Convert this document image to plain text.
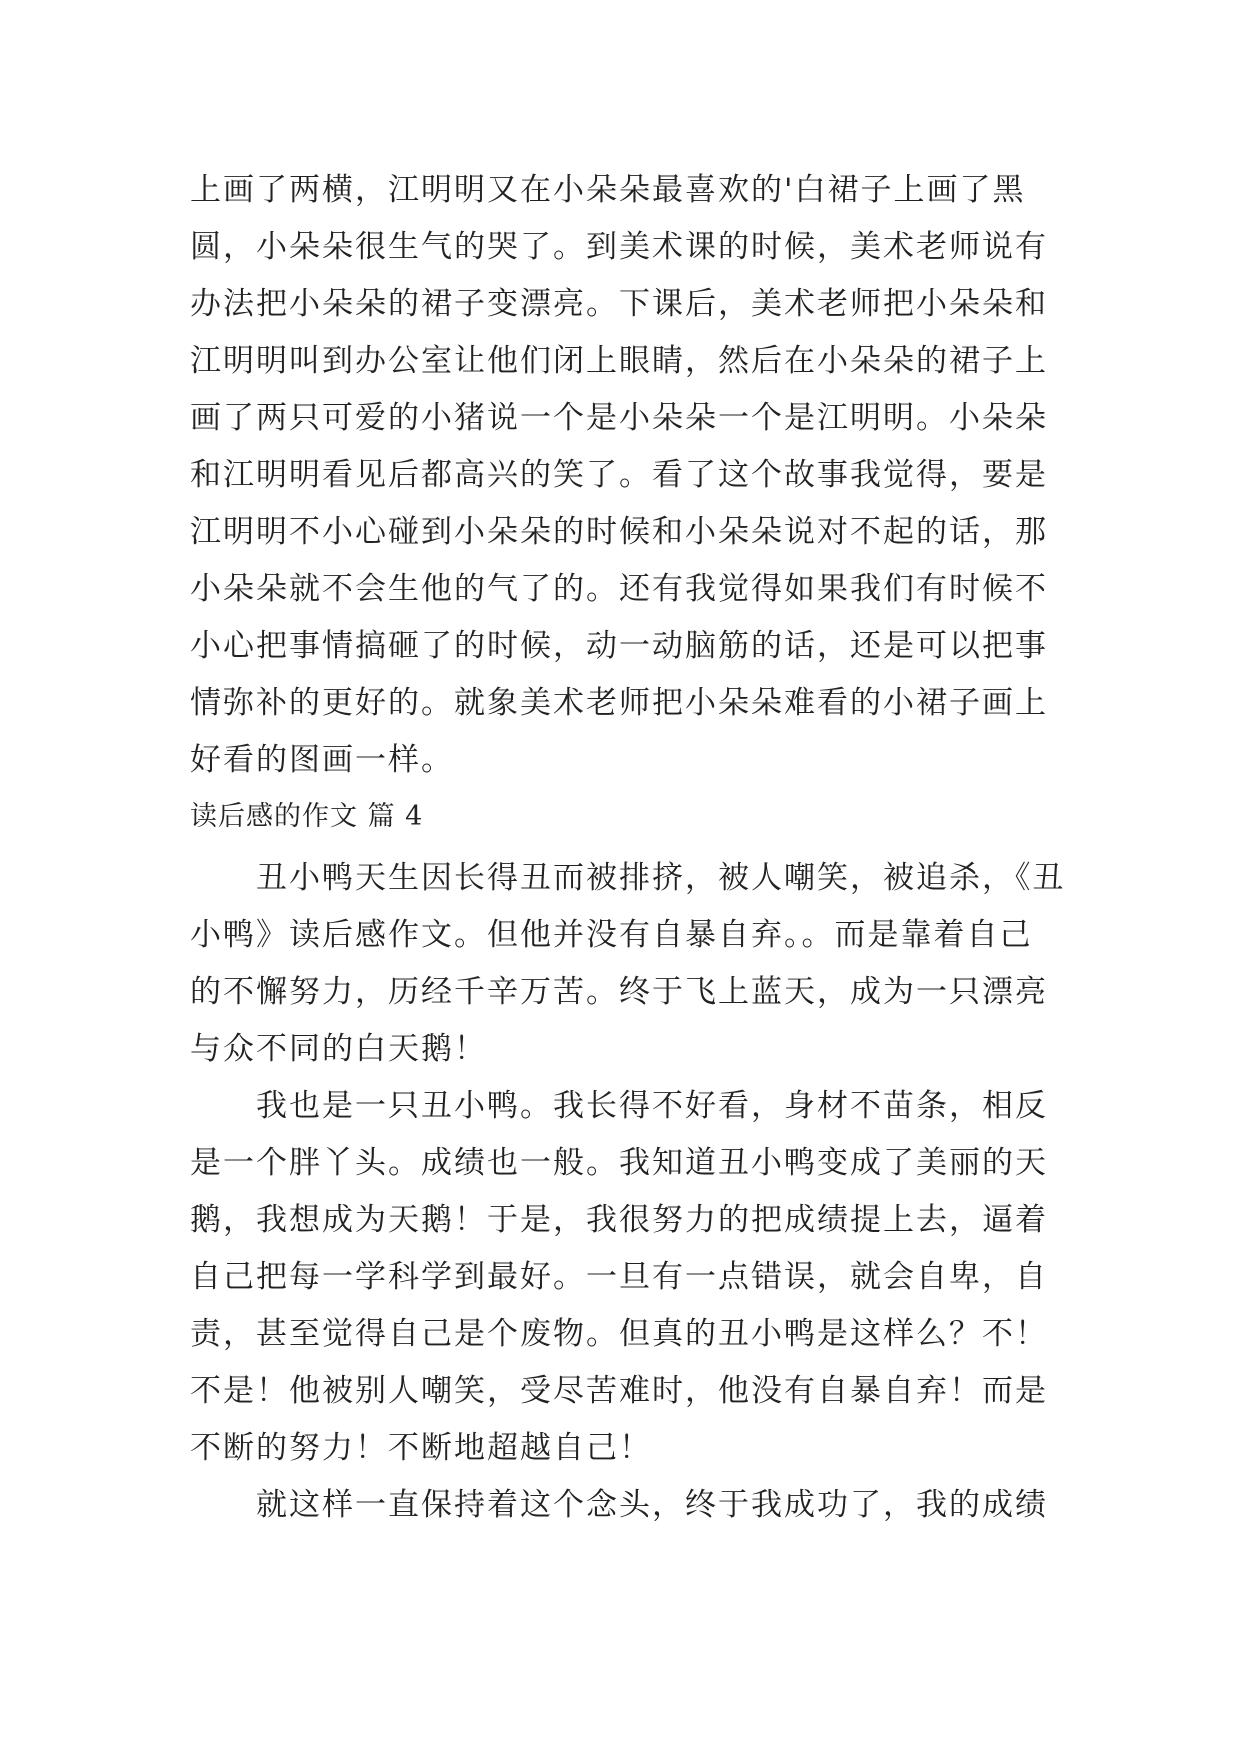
上画了两横，江明明又在小朵朵最喜欢的'白裙子上画了黑
圆，小朵朵很生气的哭了。到美术课的时候，美术老师说有
办法把小朵朵的裙子变漂亮。下课后，美术老师把小朵朵和
江明明叫到办公室让他们闭上眼睛，然后在小朵朵的裙子上
画了两只可爱的小猪说一个是小朵朵一个是江明明。小朵朵
和江明明看见后都高兴的笑了。看了这个故事我觉得，要是
江明明不小心碰到小朵朵的时候和小朵朵说对不起的话，那
小朵朵就不会生他的气了的。还有我觉得如果我们有时候不
小心把事情搞砸了的时候，动一动脑筋的话，还是可以把事
情弥补的更好的。就象美术老师把小朵朵难看的小裙子画上
好看的图画一样。
读后感的作文 篇 4
　　丑小鸭天生因长得丑而被排挤，被人嘲笑，被追杀，《丑
小鸭》读后感作文。但他并没有自暴自弃。。而是靠着自己
的不懈努力，历经千辛万苦。终于飞上蓝天，成为一只漂亮
与众不同的白天鹅！
　　我也是一只丑小鸭。我长得不好看，身材不苗条，相反
是一个胖丫头。成绩也一般。我知道丑小鸭变成了美丽的天
鹅，我想成为天鹅！于是，我很努力的把成绩提上去，逼着
自己把每一学科学到最好。一旦有一点错误，就会自卑，自
责，甚至觉得自己是个废物。但真的丑小鸭是这样么？不！
不是！他被别人嘲笑，受尽苦难时，他没有自暴自弃！而是
不断的努力！不断地超越自己！
　　就这样一直保持着这个念头，终于我成功了，我的成绩
